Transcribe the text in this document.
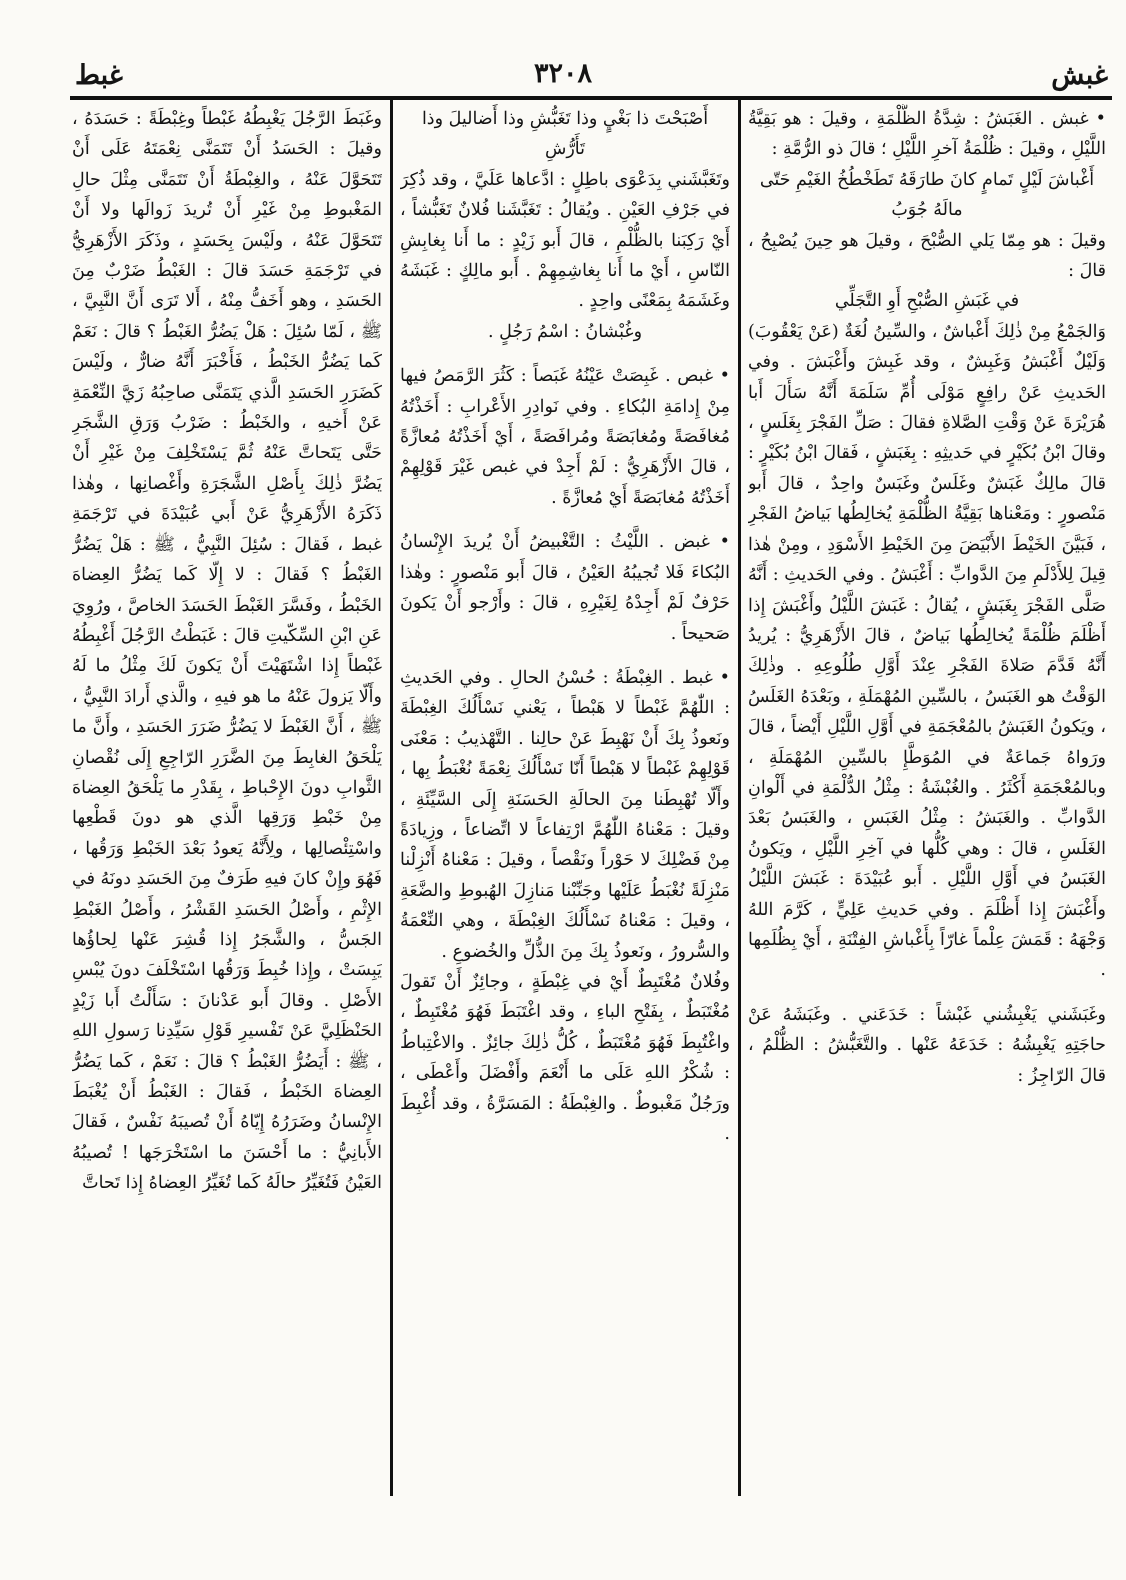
غبش
٣٢٠٨
غبط

• غبش . الغَبَشُ : شِدَّةُ الظُّلْمَةِ ، وقيلَ : هو بَقِيَّةُ اللَّيْلِ ، وقيلَ : ظُلْمَةُ آخرِ اللَّيْلِ ؛ قالَ ذو الرُّمَّةِ :

أَغْباشَ لَيْلٍ تَمامٍ كانَ طارَقَهُ تَطَخْطُخُ الغَيْمِ حَتّى مالَهُ جُوَبُ

وقيلَ : هو مِمّا يَلي الصُّبْحَ ، وقيلَ هو حِينَ يُصْبِحُ ، قالَ :

في غَبَشِ الصُّبْحِ أَوِ التَّجَلِّي

وَالجَمْعُ مِنْ ذٰلِكَ أَغْباشٌ ، والسِّينُ لُغَةٌ (عَنْ يَعْقُوبَ) وَلَيْلٌ أَغْبَشُ وَغَبِشٌ ، وقد غَبِشَ وأَغْبَشَ . وفي الحَديثِ عَنْ رافِعٍ مَوْلَى أُمِّ سَلَمَةَ أَنَّهُ سَأَلَ أَبا هُرَيْرَةَ عَنْ وَقْتِ الصَّلاةِ فقالَ : صَلِّ الفَجْرَ بِغَلَسٍ ، وقالَ ابْنُ بُكَيْرٍ في حَديثِهِ : بِغَبَشٍ ، فَقالَ ابْنُ بُكَيْرٍ : قالَ مالِكٌ غَبَشٌ وغَلَسٌ وغَبَسٌ واحِدٌ ، قالَ أَبو مَنْصورٍ : ومَعْناها بَقِيَّةُ الظُّلْمَةِ يُخالِطُها بَياضُ الفَجْرِ ، فَبَيَّنَ الخَيْطَ الأَبْيَضَ مِنَ الخَيْطِ الأَسْوَدِ ، ومِنْ هٰذا قِيلَ لِلأَدْلَمِ مِنَ الدَّوابِّ : أَغْبَشُ . وفي الحَديثِ : أَنَّهُ صَلَّى الفَجْرَ بِغَبَشٍ ، يُقالُ : غَبَشَ اللَّيْلُ وأَغْبَشَ إِذا أَظْلَمَ ظُلْمَةً يُخالِطُها بَياضٌ ، قالَ الأَزْهَرِيُّ : يُريدُ أَنَّهُ قَدَّمَ صَلاةَ الفَجْرِ عِنْدَ أَوَّلِ طُلُوعِهِ . وذٰلِكَ الوَقْتُ هو الغَبَسُ ، بالسِّينِ المُهْمَلَةِ ، وبَعْدَهُ الغَلَسُ ، ويَكونُ الغَبَشُ بالمُعْجَمَةِ في أَوَّلِ اللَّيْلِ أَيْضاً ، قالَ ورَواهُ جَماعَةٌ في المُوَطَّإِ بالسِّينِ المُهْمَلَةِ ، وبالمُعْجَمَةِ أَكْثَرُ . والغُبْشَةُ : مِثْلُ الدُّلْمَةِ في أَلْوانِ الدَّوابِّ . والغَبَشُ : مِثْلُ الغَبَسِ ، والغَبَسُ بَعْدَ الغَلَسِ ، قالَ : وهي كُلُّها في آخِرِ اللَّيْلِ ، ويَكونُ الغَبَسُ في أَوَّلِ اللَّيْلِ . أَبو عُبَيْدَةَ : غَبَشَ اللَّيْلُ وأَغْبَشَ إِذا أَظْلَمَ . وفي حَديثِ عَلِيٍّ ، كَرَّمَ اللهُ وَجْهَهُ : قَمَشَ عِلْماً غارّاً بِأَغْباشِ الفِتْنَةِ ، أَيْ بِظُلَمِها .

وغَبَشَني يَغْبِشُني غَبْشاً : خَدَعَني . وغَبَشَهُ عَنْ حاجَتِهِ يَغْبِشُهُ : خَدَعَهُ عَنْها . والتَّغَبُّشُ : الظُّلْمُ ، قالَ الرّاجِزُ :

أَصْبَحْتَ ذا بَغْيٍ وذا تَغَبُّشِ وذا أَضاليلَ وذا تَأَرُّشِ

وتَغَبَّشَني بِدَعْوَى باطِلٍ : ادَّعاها عَلَيَّ ، وقد ذُكِرَ في جَرْفِ العَيْنِ . ويُقالُ : تَغَبَّشَنا فُلانٌ تَغَبُّشاً ، أَيْ رَكِبَنا بالظُّلْمِ ، قالَ أَبو زَيْدٍ : ما أَنا بِغابِشِ النّاسِ ، أَيْ ما أَنا بِغاشِمِهِمْ . أَبو مالِكٍ : غَبَشَهُ وغَشَمَهُ بِمَعْنًى واحِدٍ .

وغُبْشانُ : اسْمُ رَجُلٍ .

• غبص . غَبِصَتْ عَيْنُهُ غَبَصاً : كَثُرَ الرَّمَصُ فيها مِنْ إِدامَةِ البُكاءِ . وفي نَوادِرِ الأَعْرابِ : أَخَذْتُهُ مُغافَصَةً ومُغابَصَةً ومُرافَصَةً ، أَيْ أَخَذْتُهُ مُعازَّةً ، قالَ الأَزْهَرِيُّ : لَمْ أَجِدْ في غبص غَيْرَ قَوْلِهِمْ أَخَذْتُهُ مُغابَصَةً أَيْ مُعازَّةً .

• غبض . اللَّيْثُ : التَّغْبيضُ أَنْ يُريدَ الإِنْسانُ البُكاءَ فَلا تُجيبُهُ العَيْنُ ، قالَ أَبو مَنْصورٍ : وهٰذا حَرْفٌ لَمْ أَجِدْهُ لِغَيْرِهِ ، قالَ : وأَرْجو أَنْ يَكونَ صَحيحاً .

• غبط . الغِبْطَةُ : حُسْنُ الحالِ . وفي الحَديثِ : اللّٰهُمَّ غَبْطاً لا هَبْطاً ، يَعْني نَسْأَلُكَ الغِبْطَةَ ونَعوذُ بِكَ أَنْ نَهْبِطَ عَنْ حالِنا . التَّهْذيبُ : مَعْنَى قَوْلِهِمْ غَبْطاً لا هَبْطاً أَنّا نَسْأَلُكَ نِعْمَةً نُغْبَطُ بِها ، وأَلّا تُهْبِطَنا مِنَ الحالَةِ الحَسَنَةِ إِلَى السَّيِّئَةِ ، وقيلَ : مَعْناهُ اللّٰهُمَّ ارْتِفاعاً لا اتِّضاعاً ، وزِيادَةً مِنْ فَضْلِكَ لا حَوْراً ونَقْصاً ، وقيلَ : مَعْناهُ أَنْزِلْنا مَنْزِلَةً نُغْبَطُ عَلَيْها وجَنِّبْنا مَنازِلَ الهُبوطِ والضَّعَةِ ، وقيلَ : مَعْناهُ نَسْأَلُكَ الغِبْطَةَ ، وهي النِّعْمَةُ والسُّرورُ ، ونَعوذُ بِكَ مِنَ الذُّلِّ والخُضوعِ .

وفُلانٌ مُغْتَبِطٌ أَيْ في غِبْطَةٍ ، وجائِزٌ أَنْ تَقولَ مُغْتَبَطٌ ، بِفَتْحِ الباءِ ، وقد اغْتَبَطَ فَهُوَ مُغْتَبِطٌ ، واغْتُبِطَ فَهُوَ مُغْتَبَطٌ ، كُلُّ ذٰلِكَ جائِزٌ . والاغْتِباطُ : شُكْرُ اللهِ عَلَى ما أَنْعَمَ وأَفْضَلَ وأَعْطَى ، ورَجُلٌ مَغْبوطٌ . والغِبْطَةُ : المَسَرَّةُ ، وقد أُغْبِطَ .

وغَبَطَ الرَّجُلَ يَغْبِطُهُ غَبْطاً وغِبْطَةً : حَسَدَهُ ، وقيلَ : الحَسَدُ أَنْ تَتَمَنَّى نِعْمَتَهُ عَلَى أَنْ تَتَحَوَّلَ عَنْهُ ، والغِبْطَةُ أَنْ تَتَمَنَّى مِثْلَ حالِ المَغْبوطِ مِنْ غَيْرِ أَنْ تُريدَ زَوالَها ولا أَنْ تَتَحَوَّلَ عَنْهُ ، ولَيْسَ بِحَسَدٍ ، وذَكَرَ الأَزْهَرِيُّ في تَرْجَمَةِ حَسَدَ قالَ : الغَبْطُ ضَرْبٌ مِنَ الحَسَدِ ، وهو أَخَفُّ مِنْهُ ، أَلا تَرَى أَنَّ النَّبِيَّ ، ﷺ ، لَمّا سُئِلَ : هَلْ يَضُرُّ الغَبْطُ ؟ قالَ : نَعَمْ كَما يَضُرُّ الخَبْطُ ، فَأَخْبَرَ أَنَّهُ ضارٌّ ، ولَيْسَ كَضَرَرِ الحَسَدِ الَّذي يَتَمَنَّى صاحِبُهُ زَيَّ النِّعْمَةِ عَنْ أَخيهِ ، والخَبْطُ : ضَرْبُ وَرَقِ الشَّجَرِ حَتَّى يَتَحاتَّ عَنْهُ ثُمَّ يَسْتَخْلِفَ مِنْ غَيْرِ أَنْ يَضُرَّ ذٰلِكَ بِأَصْلِ الشَّجَرَةِ وأَغْصانِها ، وهٰذا ذَكَرَهُ الأَزْهَرِيُّ عَنْ أَبي عُبَيْدَةَ في تَرْجَمَةِ غبط ، فَقالَ : سُئِلَ النَّبِيُّ ، ﷺ : هَلْ يَضُرُّ الغَبْطُ ؟ فَقالَ : لا إِلّا كَما يَضُرُّ العِضاهَ الخَبْطُ ، وفَسَّرَ الغَبْطَ الحَسَدَ الخاصَّ ، ورُوِيَ عَنِ ابْنِ السِّكّيتِ قالَ : غَبَطْتُ الرَّجُلَ أَغْبِطُهُ غَبْطاً إِذا اشْتَهَيْتَ أَنْ يَكونَ لَكَ مِثْلُ ما لَهُ وأَلّا يَزولَ عَنْهُ ما هو فيهِ ، والَّذي أَرادَ النَّبِيُّ ، ﷺ ، أَنَّ الغَبْطَ لا يَضُرُّ ضَرَرَ الحَسَدِ ، وأَنَّ ما يَلْحَقُ الغابِطَ مِنَ الضَّرَرِ الرّاجِعِ إِلَى نُقْصانِ الثَّوابِ دونَ الإِحْباطِ ، بِقَدْرِ ما يَلْحَقُ العِضاهَ مِنْ خَبْطِ وَرَقِها الَّذي هو دونَ قَطْعِها واسْتِئْصالِها ، ولِأَنَّهُ يَعودُ بَعْدَ الخَبْطِ وَرَقُها ، فَهُوَ وإِنْ كانَ فيهِ طَرَفٌ مِنَ الحَسَدِ دونَهُ في الإِثْمِ ، وأَصْلُ الحَسَدِ القَشْرُ ، وأَصْلُ الغَبْطِ الجَسُّ ، والشَّجَرُ إِذا قُشِرَ عَنْها لِحاؤُها يَبِسَتْ ، وإِذا خُبِطَ وَرَقُها اسْتَخْلَفَ دونَ يُبْسِ الأَصْلِ . وقالَ أَبو عَدْنانَ : سَأَلْتُ أَبا زَيْدٍ الحَنْظَلِيَّ عَنْ تَفْسيرِ قَوْلِ سَيِّدِنا رَسولِ اللهِ ، ﷺ : أَيَضُرُّ الغَبْطُ ؟ قالَ : نَعَمْ ، كَما يَضُرُّ العِضاهَ الخَبْطُ ، فَقالَ : الغَبْطُ أَنْ يُغْبَطَ الإِنْسانُ وضَرَرُهُ إِيّاهُ أَنْ تُصيبَهُ نَفْسٌ ، فَقالَ الأَبانِيُّ : ما أَحْسَنَ ما اسْتَخْرَجَها ! تُصيبُهُ العَيْنُ فَتُغَيِّرُ حالَهُ كَما تُغَيِّرُ العِضاهُ إِذا تَحاتَّ
